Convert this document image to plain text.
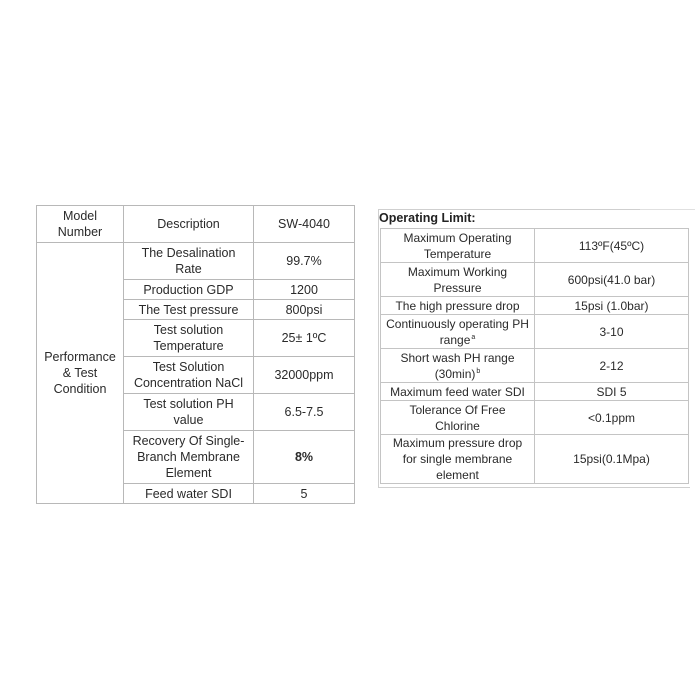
Model Number	Description	SW-4040
Performance & Test Condition	The Desalination Rate	99.7%
	Production GDP	1200
	The Test pressure	800psi
	Test solution Temperature	25± 1ºC
	Test Solution Concentration NaCl	32000ppm
	Test solution PH value	6.5-7.5
	Recovery Of Single-Branch Membrane Element	8%
	Feed water SDI	5
Operating Limit:
Maximum Operating Temperature	113ºF(45ºC)
Maximum Working Pressure	600psi(41.0 bar)
The high pressure drop	15psi (1.0bar)
Continuously operating PH range $^a$	3-10
Short wash PH range (30min) $^b$	2-12
Maximum feed water SDI	SDI 5
Tolerance Of Free Chlorine	<0.1ppm
Maximum pressure drop for single membrane element	15psi(0.1Mpa)
